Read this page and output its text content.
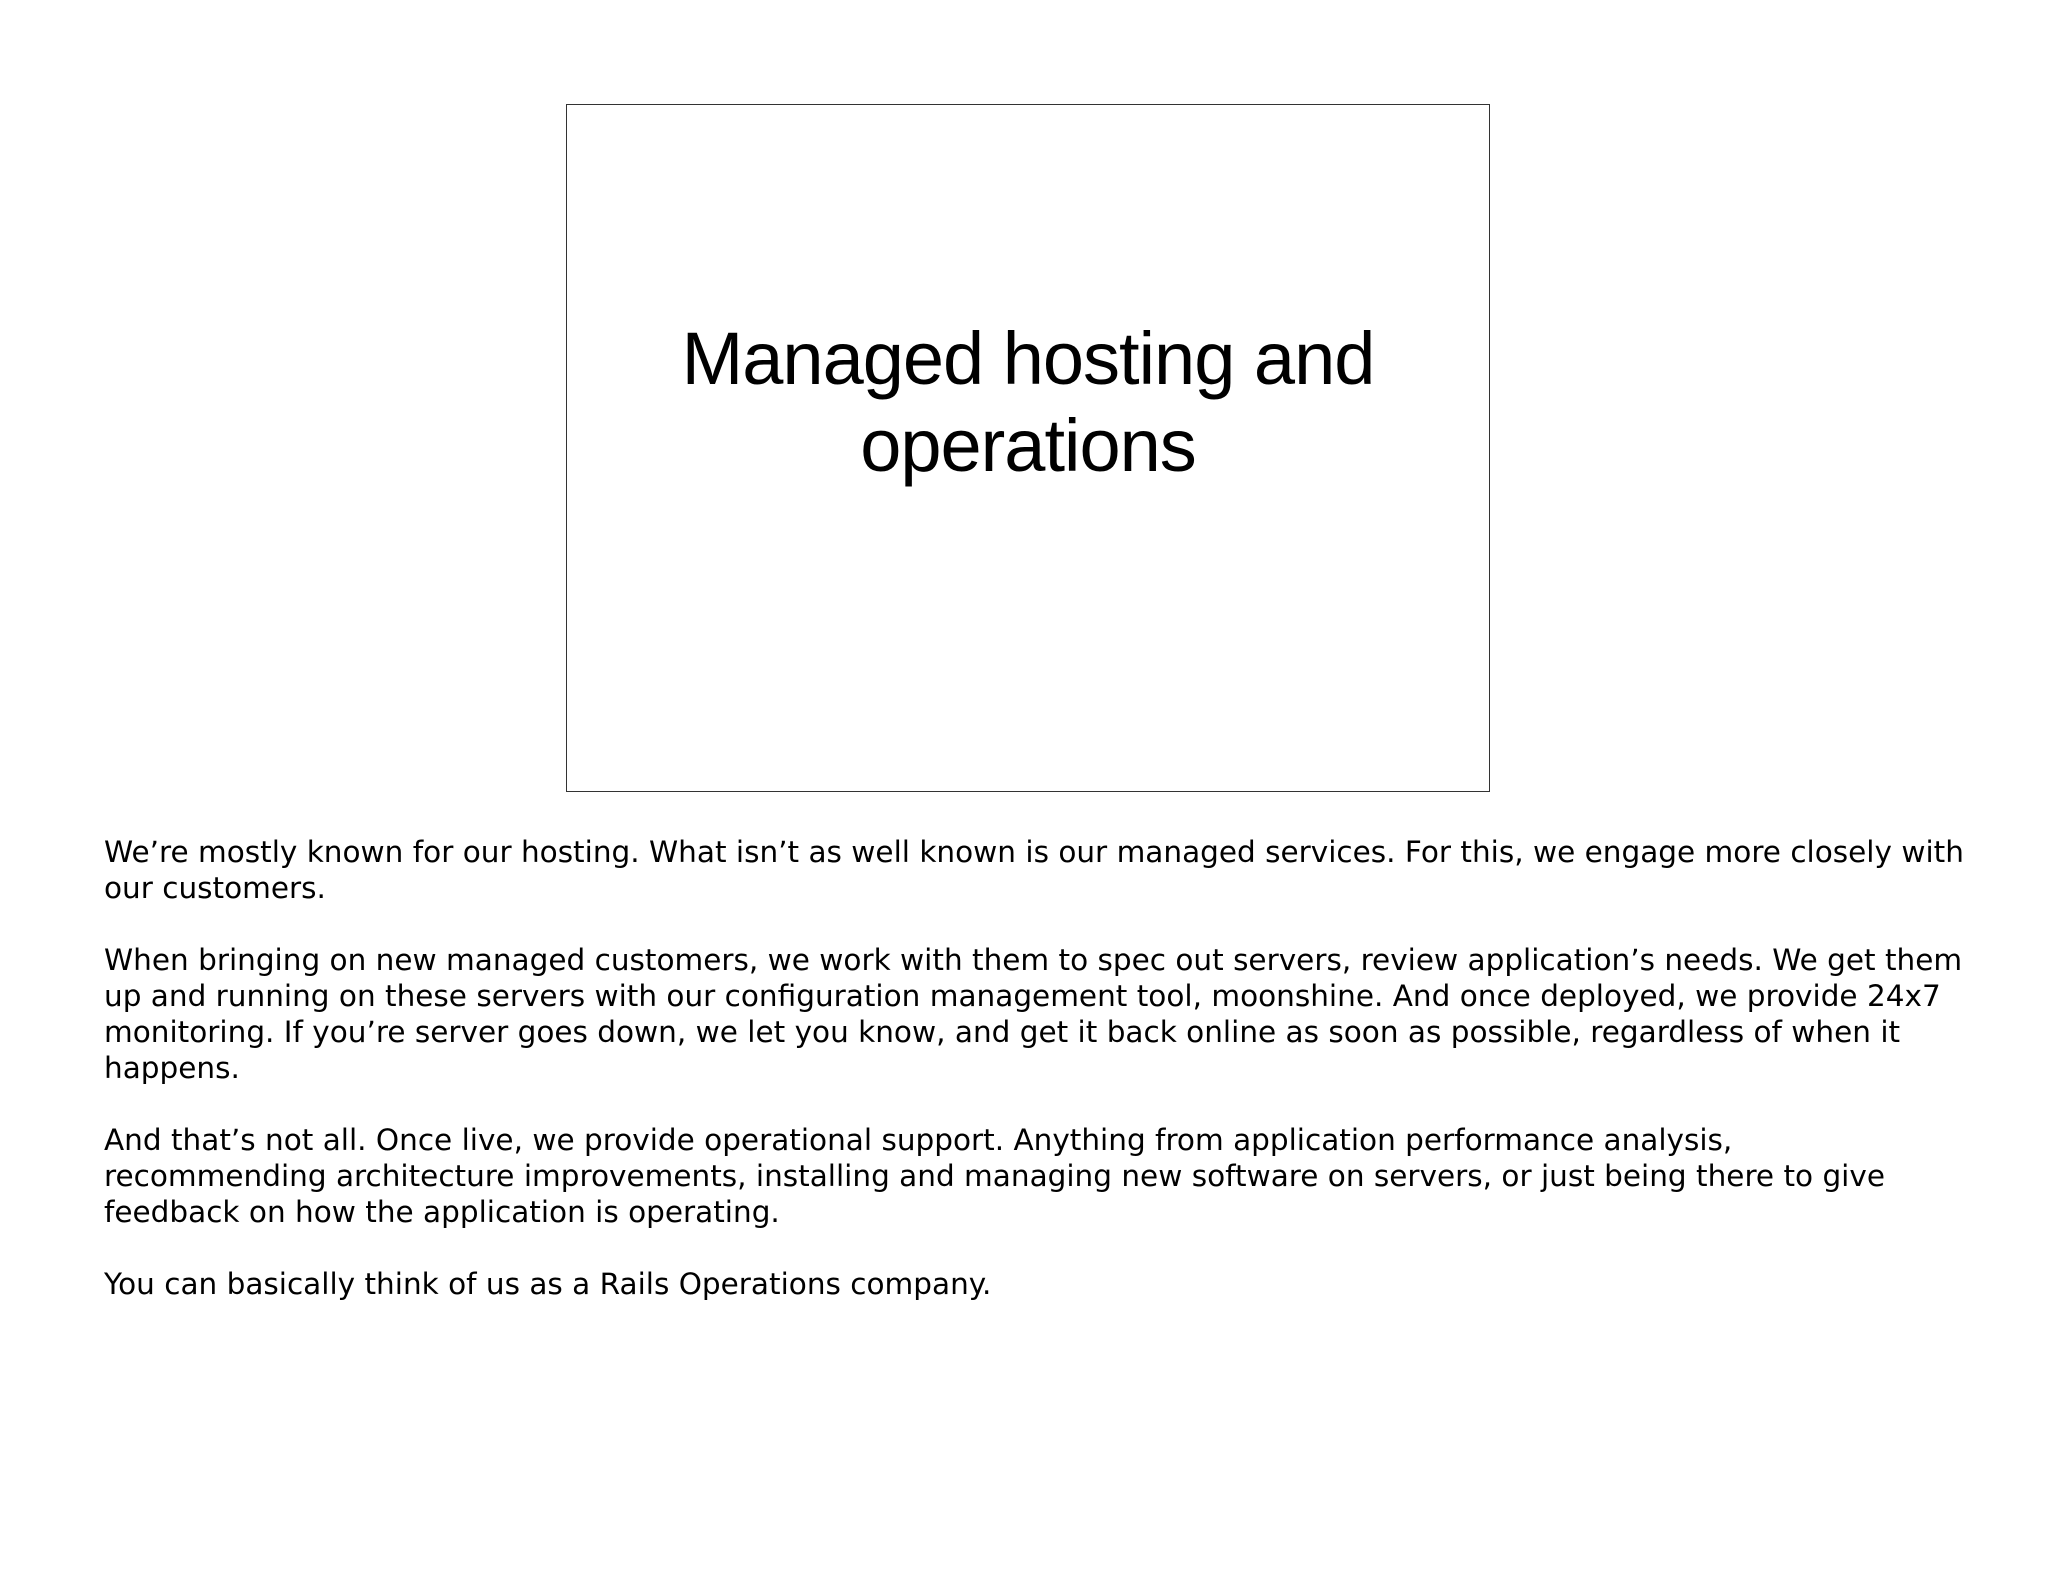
Managed hosting and operations

We’re mostly known for our hosting. What isn’t as well known is our managed services. For this, we engage more closely with our customers.

When bringing on new managed customers, we work with them to spec out servers, review application’s needs. We get them up and running on these servers with our configuration management tool, moonshine. And once deployed, we provide 24x7 monitoring. If you’re server goes down, we let you know, and get it back online as soon as possible, regardless of when it happens.

And that’s not all. Once live, we provide operational support. Anything from application performance analysis, recommending architecture improvements, installing and managing new software on servers, or just being there to give feedback on how the application is operating.

You can basically think of us as a Rails Operations company.
